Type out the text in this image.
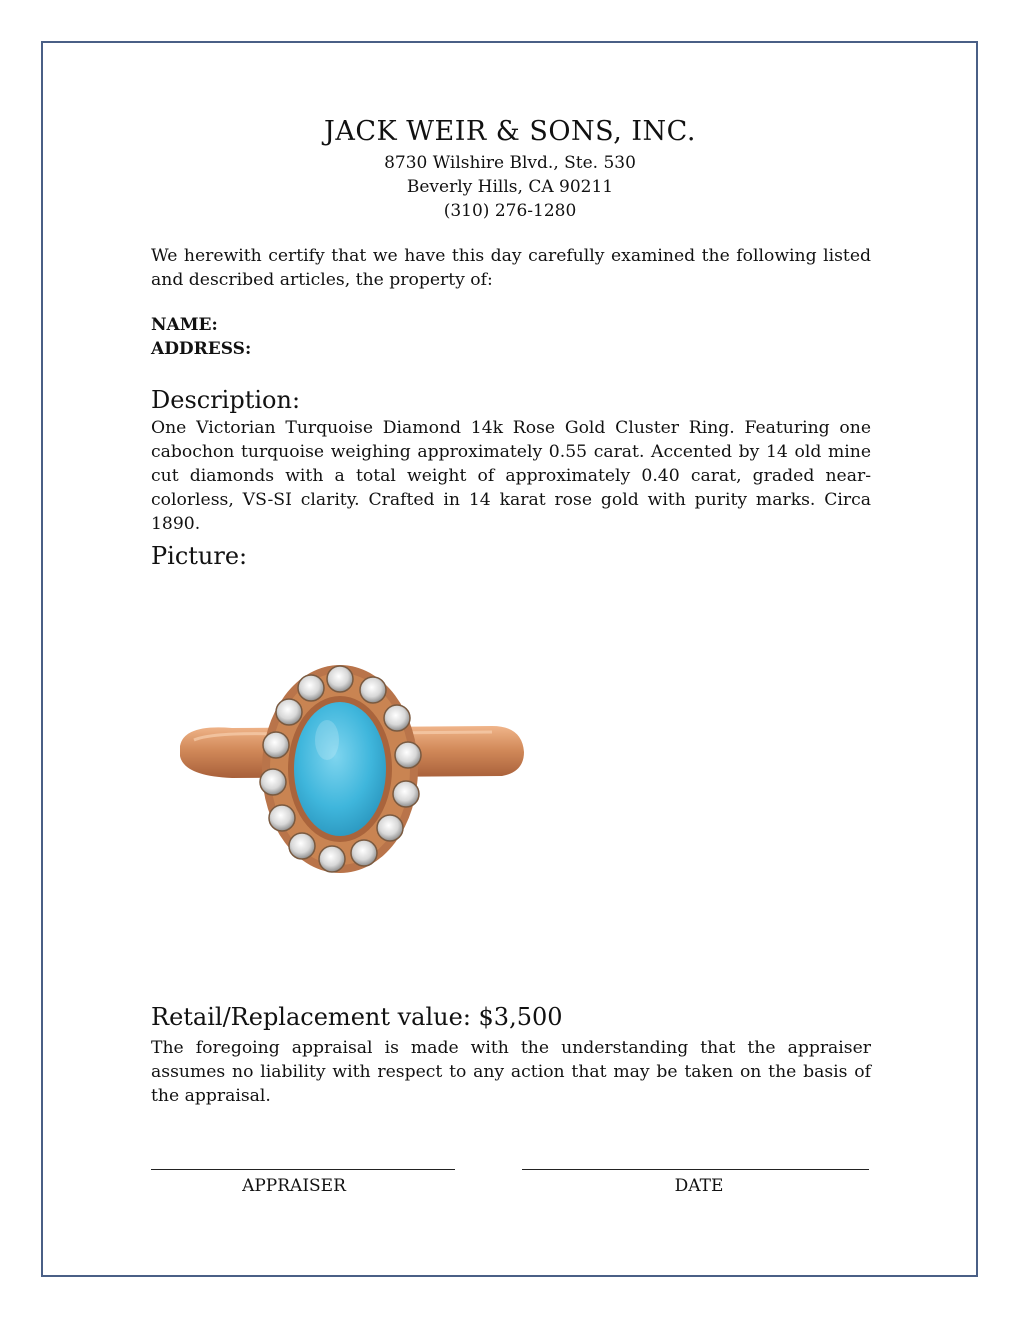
JACK WEIR & SONS, INC.
8730 Wilshire Blvd., Ste. 530
Beverly Hills, CA 90211
(310) 276-1280
We herewith certify that we have this day carefully examined the following listed and described articles, the property of:
NAME:
ADDRESS:
Description:
One Victorian Turquoise Diamond 14k Rose Gold Cluster Ring. Featuring one cabochon turquoise weighing approximately 0.55 carat. Accented by 14 old mine cut diamonds with a total weight of approximately 0.40 carat, graded near-colorless, VS-SI clarity. Crafted in 14 karat rose gold with purity marks. Circa 1890.
Picture:
Retail/Replacement value: $3,500
The foregoing appraisal is made with the understanding that the appraiser assumes no liability with respect to any action that may be taken on the basis of the appraisal.
APPRAISER	DATE
